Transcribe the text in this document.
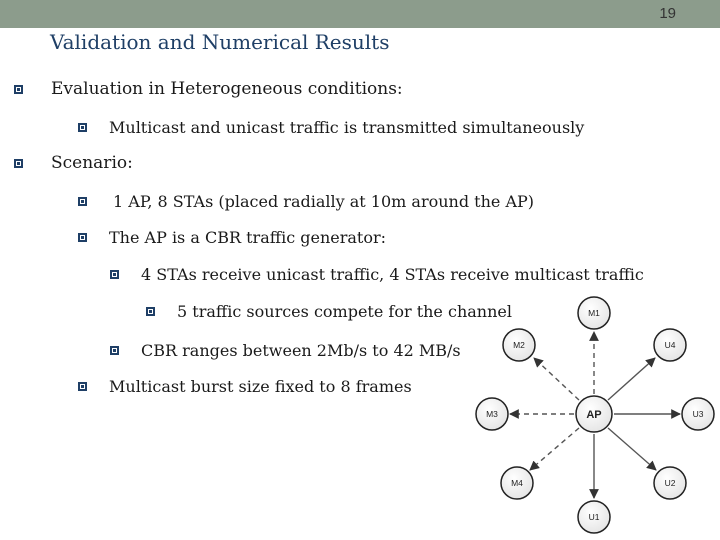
19
Validation and Numerical Results
Evaluation in Heterogeneous conditions:
Multicast and unicast traffic is transmitted simultaneously
Scenario:
1 AP, 8 STAs (placed radially at 10m around the AP)
The AP is a CBR traffic generator:
4 STAs receive unicast traffic, 4 STAs receive multicast traffic
5 traffic sources compete for the channel
CBR ranges between 2Mb/s to 42 MB/s
Multicast burst size fixed to 8 frames
AP
M1
M2
M3
M4
U1
U2
U3
U4
